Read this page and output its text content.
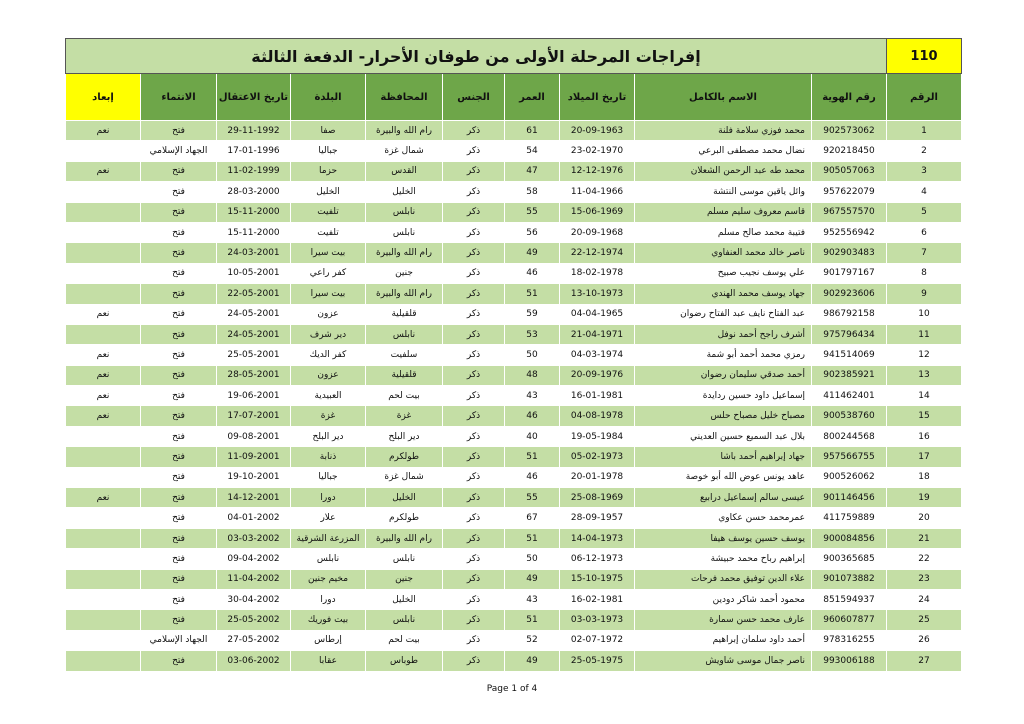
110	إفراجات المرحلة الأولى من طوفان الأحرار- الدفعة الثالثة									
الرقم	رقم الهوية	الاسم بالكامل	تاريخ الميلاد	العمر	الجنس	المحافظة	البلدة	تاريخ الاعتقال	الانتماء	إبعاد
1	902573062	محمد فوزي سلامة فلنة	20-09-1963	61	ذكر	رام الله والبيرة	صفا	29-11-1992	فتح	نعم
2	920218450	نضال محمد مصطفى البرعي	23-02-1970	54	ذكر	شمال غزة	جباليا	17-01-1996	الجهاد الإسلامي	
3	905057063	محمد طه عبد الرحمن الشعلان	12-12-1976	47	ذكر	القدس	حزما	11-02-1999	فتح	نعم
4	957622079	وائل ياقين موسى النتشة	11-04-1966	58	ذكر	الخليل	الخليل	28-03-2000	فتح	
5	967557570	قاسم معروف سليم مسلم	15-06-1969	55	ذكر	نابلس	تلفيت	15-11-2000	فتح	
6	952556942	فتيبة محمد صالح مسلم	20-09-1968	56	ذكر	نابلس	تلفيت	15-11-2000	فتح	
7	902903483	ناصر خالد محمد العنفاوي	22-12-1974	49	ذكر	رام الله والبيرة	بيت سيرا	24-03-2001	فتح	
8	901797167	علي يوسف نجيب صبيح	18-02-1978	46	ذكر	جنين	كفر راعي	10-05-2001	فتح	
9	902923606	جهاد يوسف محمد الهندي	13-10-1973	51	ذكر	رام الله والبيرة	بيت سيرا	22-05-2001	فتح	
10	986792158	عبد الفتاح نايف عبد الفتاح رضوان	04-04-1965	59	ذكر	قلقيلية	عزون	24-05-2001	فتح	نعم
11	975796434	أشرف راجح أحمد نوفل	21-04-1971	53	ذكر	نابلس	دير شرف	24-05-2001	فتح	
12	941514069	رمزي محمد أحمد أبو شمة	04-03-1974	50	ذكر	سلفيت	كفر الديك	25-05-2001	فتح	نعم
13	902385921	أحمد صدقي سليمان رضوان	20-09-1976	48	ذكر	قلقيلية	عزون	28-05-2001	فتح	نعم
14	411462401	إسماعيل داود حسين ردايدة	16-01-1981	43	ذكر	بيت لحم	العبيدية	19-06-2001	فتح	نعم
15	900538760	مصباح خليل مصباح حلس	04-08-1978	46	ذكر	غزة	غزة	17-07-2001	فتح	نعم
16	800244568	بلال عبد السميع حسين العديني	19-05-1984	40	ذكر	دير البلح	دير البلح	09-08-2001	فتح	
17	957566755	جهاد إبراهيم أحمد باشا	05-02-1973	51	ذكر	طولكرم	ذنابة	11-09-2001	فتح	
18	900526062	عاهد يونس عوض الله أبو خوصة	20-01-1978	46	ذكر	شمال غزة	جباليا	19-10-2001	فتح	
19	901146456	عيسى سالم إسماعيل درابيع	25-08-1969	55	ذكر	الخليل	دورا	14-12-2001	فتح	نعم
20	411759889	عمرمحمد حسن عكاوي	28-09-1957	67	ذكر	طولكرم	علار	04-01-2002	فتح	
21	900084856	يوسف حسين يوسف هيفا	14-04-1973	51	ذكر	رام الله والبيرة	المزرعة الشرقية	03-03-2002	فتح	
22	900365685	إبراهيم رباح محمد حبيشة	06-12-1973	50	ذكر	نابلس	نابلس	09-04-2002	فتح	
23	901073882	علاء الدين توفيق محمد فرحات	15-10-1975	49	ذكر	جنين	مخيم جنين	11-04-2002	فتح	
24	851594937	محمود أحمد شاكر دودين	16-02-1981	43	ذكر	الخليل	دورا	30-04-2002	فتح	
25	960607877	عارف محمد حسن سمارة	03-03-1973	51	ذكر	نابلس	بيت فوريك	25-05-2002	فتح	
26	978316255	أحمد داود سلمان إبراهيم	02-07-1972	52	ذكر	بيت لحم	إرطاس	27-05-2002	الجهاد الإسلامي	
27	993006188	ناصر جمال موسى شاويش	25-05-1975	49	ذكر	طوباس	عقابا	03-06-2002	فتح	
Page 1 of 4
